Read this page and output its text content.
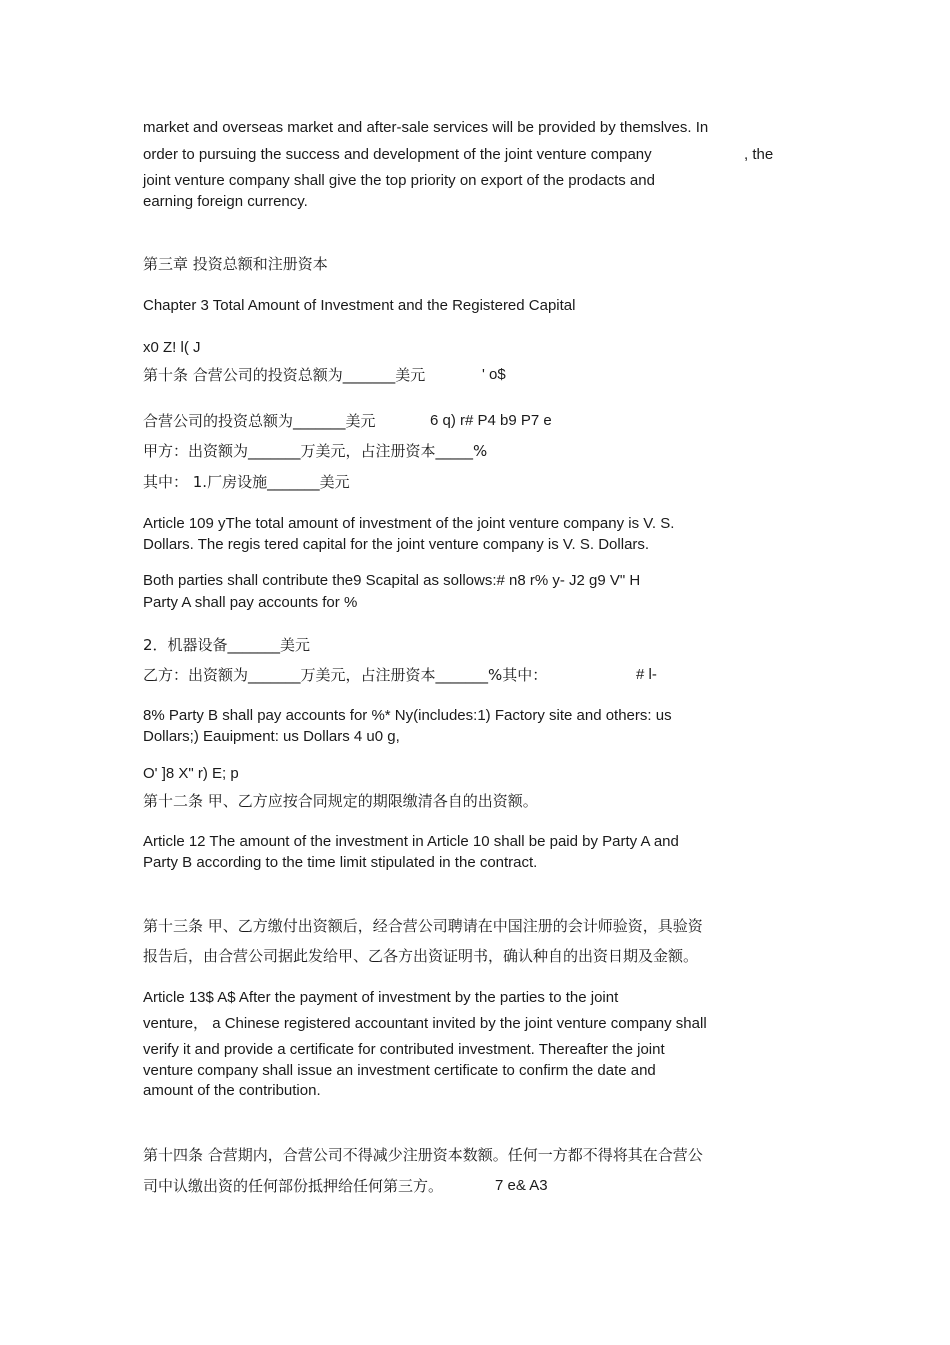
market and overseas market and after-sale services will be provided by themslves. In
order to pursuing the success and development of the joint venture company	, the
joint venture company shall give the top priority on export of the prodacts and
earning foreign currency.
第三章 投资总额和注册资本
Chapter 3 Total Amount of Investment and the Registered Capital
x0 Z! l( J
第十条 合营公司的投资总额为_______美元	' o$
合营公司的投资总额为_______美元	6 q) r# P4 b9 P7 e
甲方：出资额为_______万美元，占注册资本_____%
其中： 1.厂房设施_______美元
Article 109 yThe total amount of investment of the joint venture company is V. S.
Dollars. The regis tered capital for the joint venture company is V. S. Dollars.
Both parties shall contribute the9 Scapital as sollows:# n8 r% y- J2 g9 V" H
Party A shall pay accounts for %
2．机器设备_______美元
乙方：出资额为_______万美元，占注册资本_______%其中：	# l-
8% Party B shall pay accounts for %* Ny(includes:1) Factory site and others: us
Dollars;) Eauipment: us Dollars 4 u0 g,
O' ]8 X" r) E; p
第十二条 甲、乙方应按合同规定的期限缴清各自的出资额。
Article 12 The amount of the investment in Article 10 shall be paid by Party A and
Party B according to the time limit stipulated in the contract.
第十三条 甲、乙方缴付出资额后，经合营公司聘请在中国注册的会计师验资，具验资
报告后，由合营公司据此发给甲、乙各方出资证明书，确认种自的出资日期及金额。
Article 13$ A$ After the payment of investment by the parties to the joint
venture， a Chinese registered accountant invited by the joint venture company shall
verify it and provide a certificate for contributed investment. Thereafter the joint
venture company shall issue an investment certificate to confirm the date and
amount of the contribution.
第十四条 合营期内，合营公司不得减少注册资本数额。任何一方都不得将其在合营公
司中认缴出资的任何部份抵押给任何第三方。	7 e& A3
